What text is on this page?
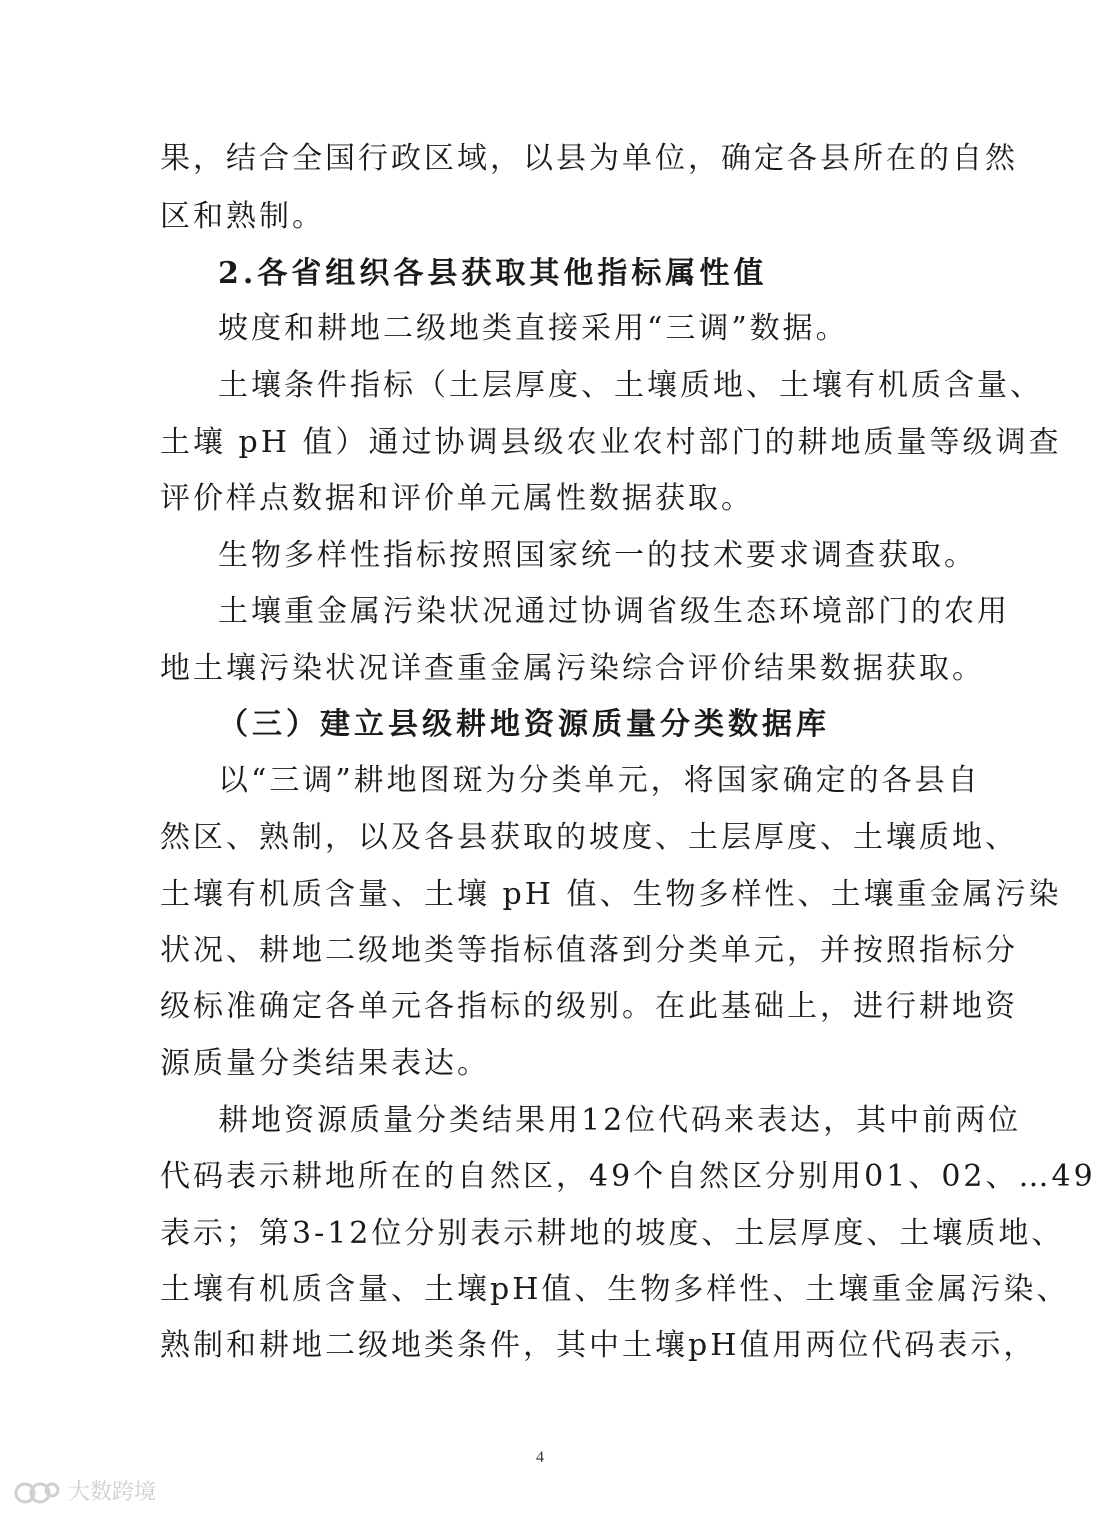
果，结合全国行政区域，以县为单位，确定各县所在的自然
区和熟制。
2.各省组织各县获取其他指标属性值
坡度和耕地二级地类直接采用“三调”数据。
土壤条件指标（土层厚度、土壤质地、土壤有机质含量、
土壤 pH 值）通过协调县级农业农村部门的耕地质量等级调查
评价样点数据和评价单元属性数据获取。
生物多样性指标按照国家统一的技术要求调查获取。
土壤重金属污染状况通过协调省级生态环境部门的农用
地土壤污染状况详查重金属污染综合评价结果数据获取。
（三）建立县级耕地资源质量分类数据库
以“三调”耕地图斑为分类单元，将国家确定的各县自
然区、熟制，以及各县获取的坡度、土层厚度、土壤质地、
土壤有机质含量、土壤 pH 值、生物多样性、土壤重金属污染
状况、耕地二级地类等指标值落到分类单元，并按照指标分
级标准确定各单元各指标的级别。在此基础上，进行耕地资
源质量分类结果表达。
耕地资源质量分类结果用12位代码来表达，其中前两位
代码表示耕地所在的自然区，49个自然区分别用01、02、…49
表示；第3-12位分别表示耕地的坡度、土层厚度、土壤质地、
土壤有机质含量、土壤pH值、生物多样性、土壤重金属污染、
熟制和耕地二级地类条件，其中土壤pH值用两位代码表示，
4
大数跨境
